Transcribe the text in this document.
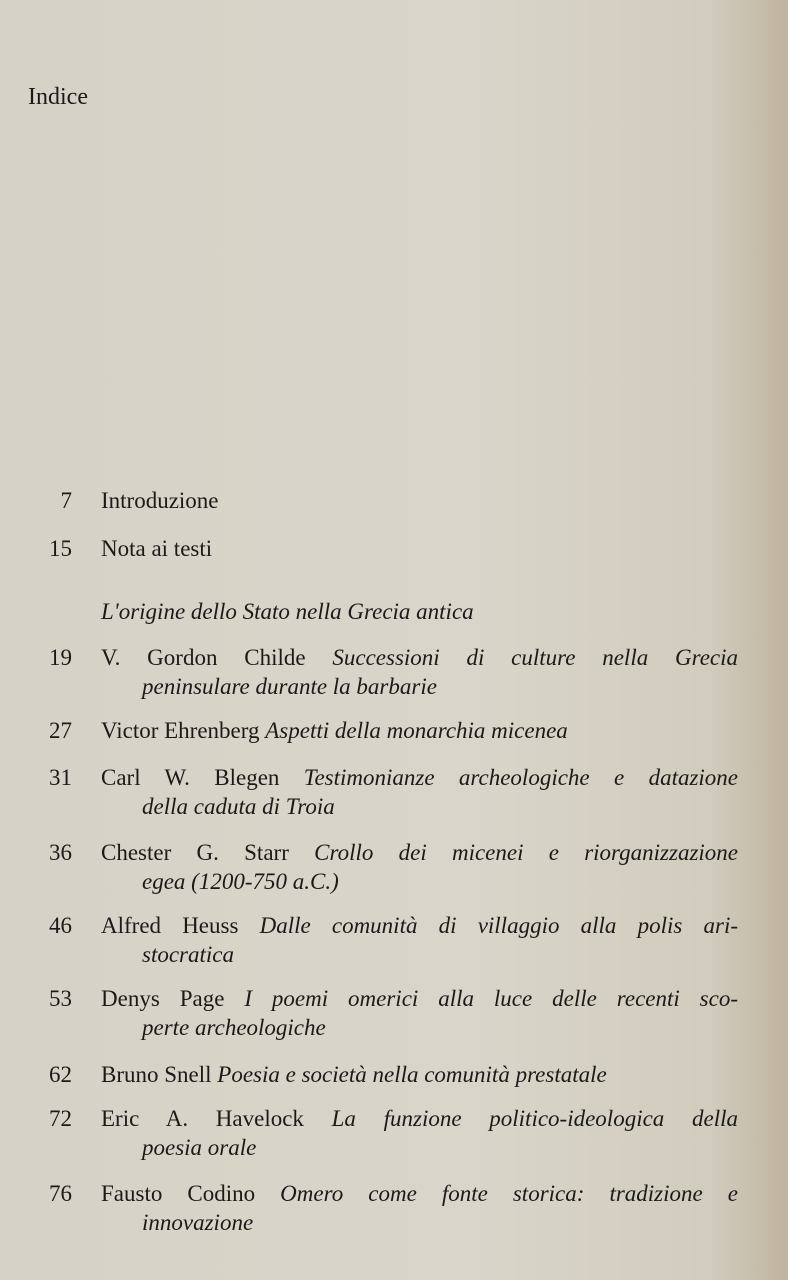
Indice
7 Introduzione
15 Nota ai testi
L'origine dello Stato nella Grecia antica
19 V. Gordon Childe Successioni di culture nella Grecia
peninsulare durante la barbarie
27 Victor Ehrenberg Aspetti della monarchia micenea
31 Carl W. Blegen Testimonianze archeologiche e datazione
della caduta di Troia
36 Chester G. Starr Crollo dei micenei e riorganizzazione
egea (1200-750 a.C.)
46 Alfred Heuss Dalle comunità di villaggio alla polis ari-
stocratica
53 Denys Page I poemi omerici alla luce delle recenti sco-
perte archeologiche
62 Bruno Snell Poesia e società nella comunità prestatale
72 Eric A. Havelock La funzione politico-ideologica della
poesia orale
76 Fausto Codino Omero come fonte storica: tradizione e
innovazione
